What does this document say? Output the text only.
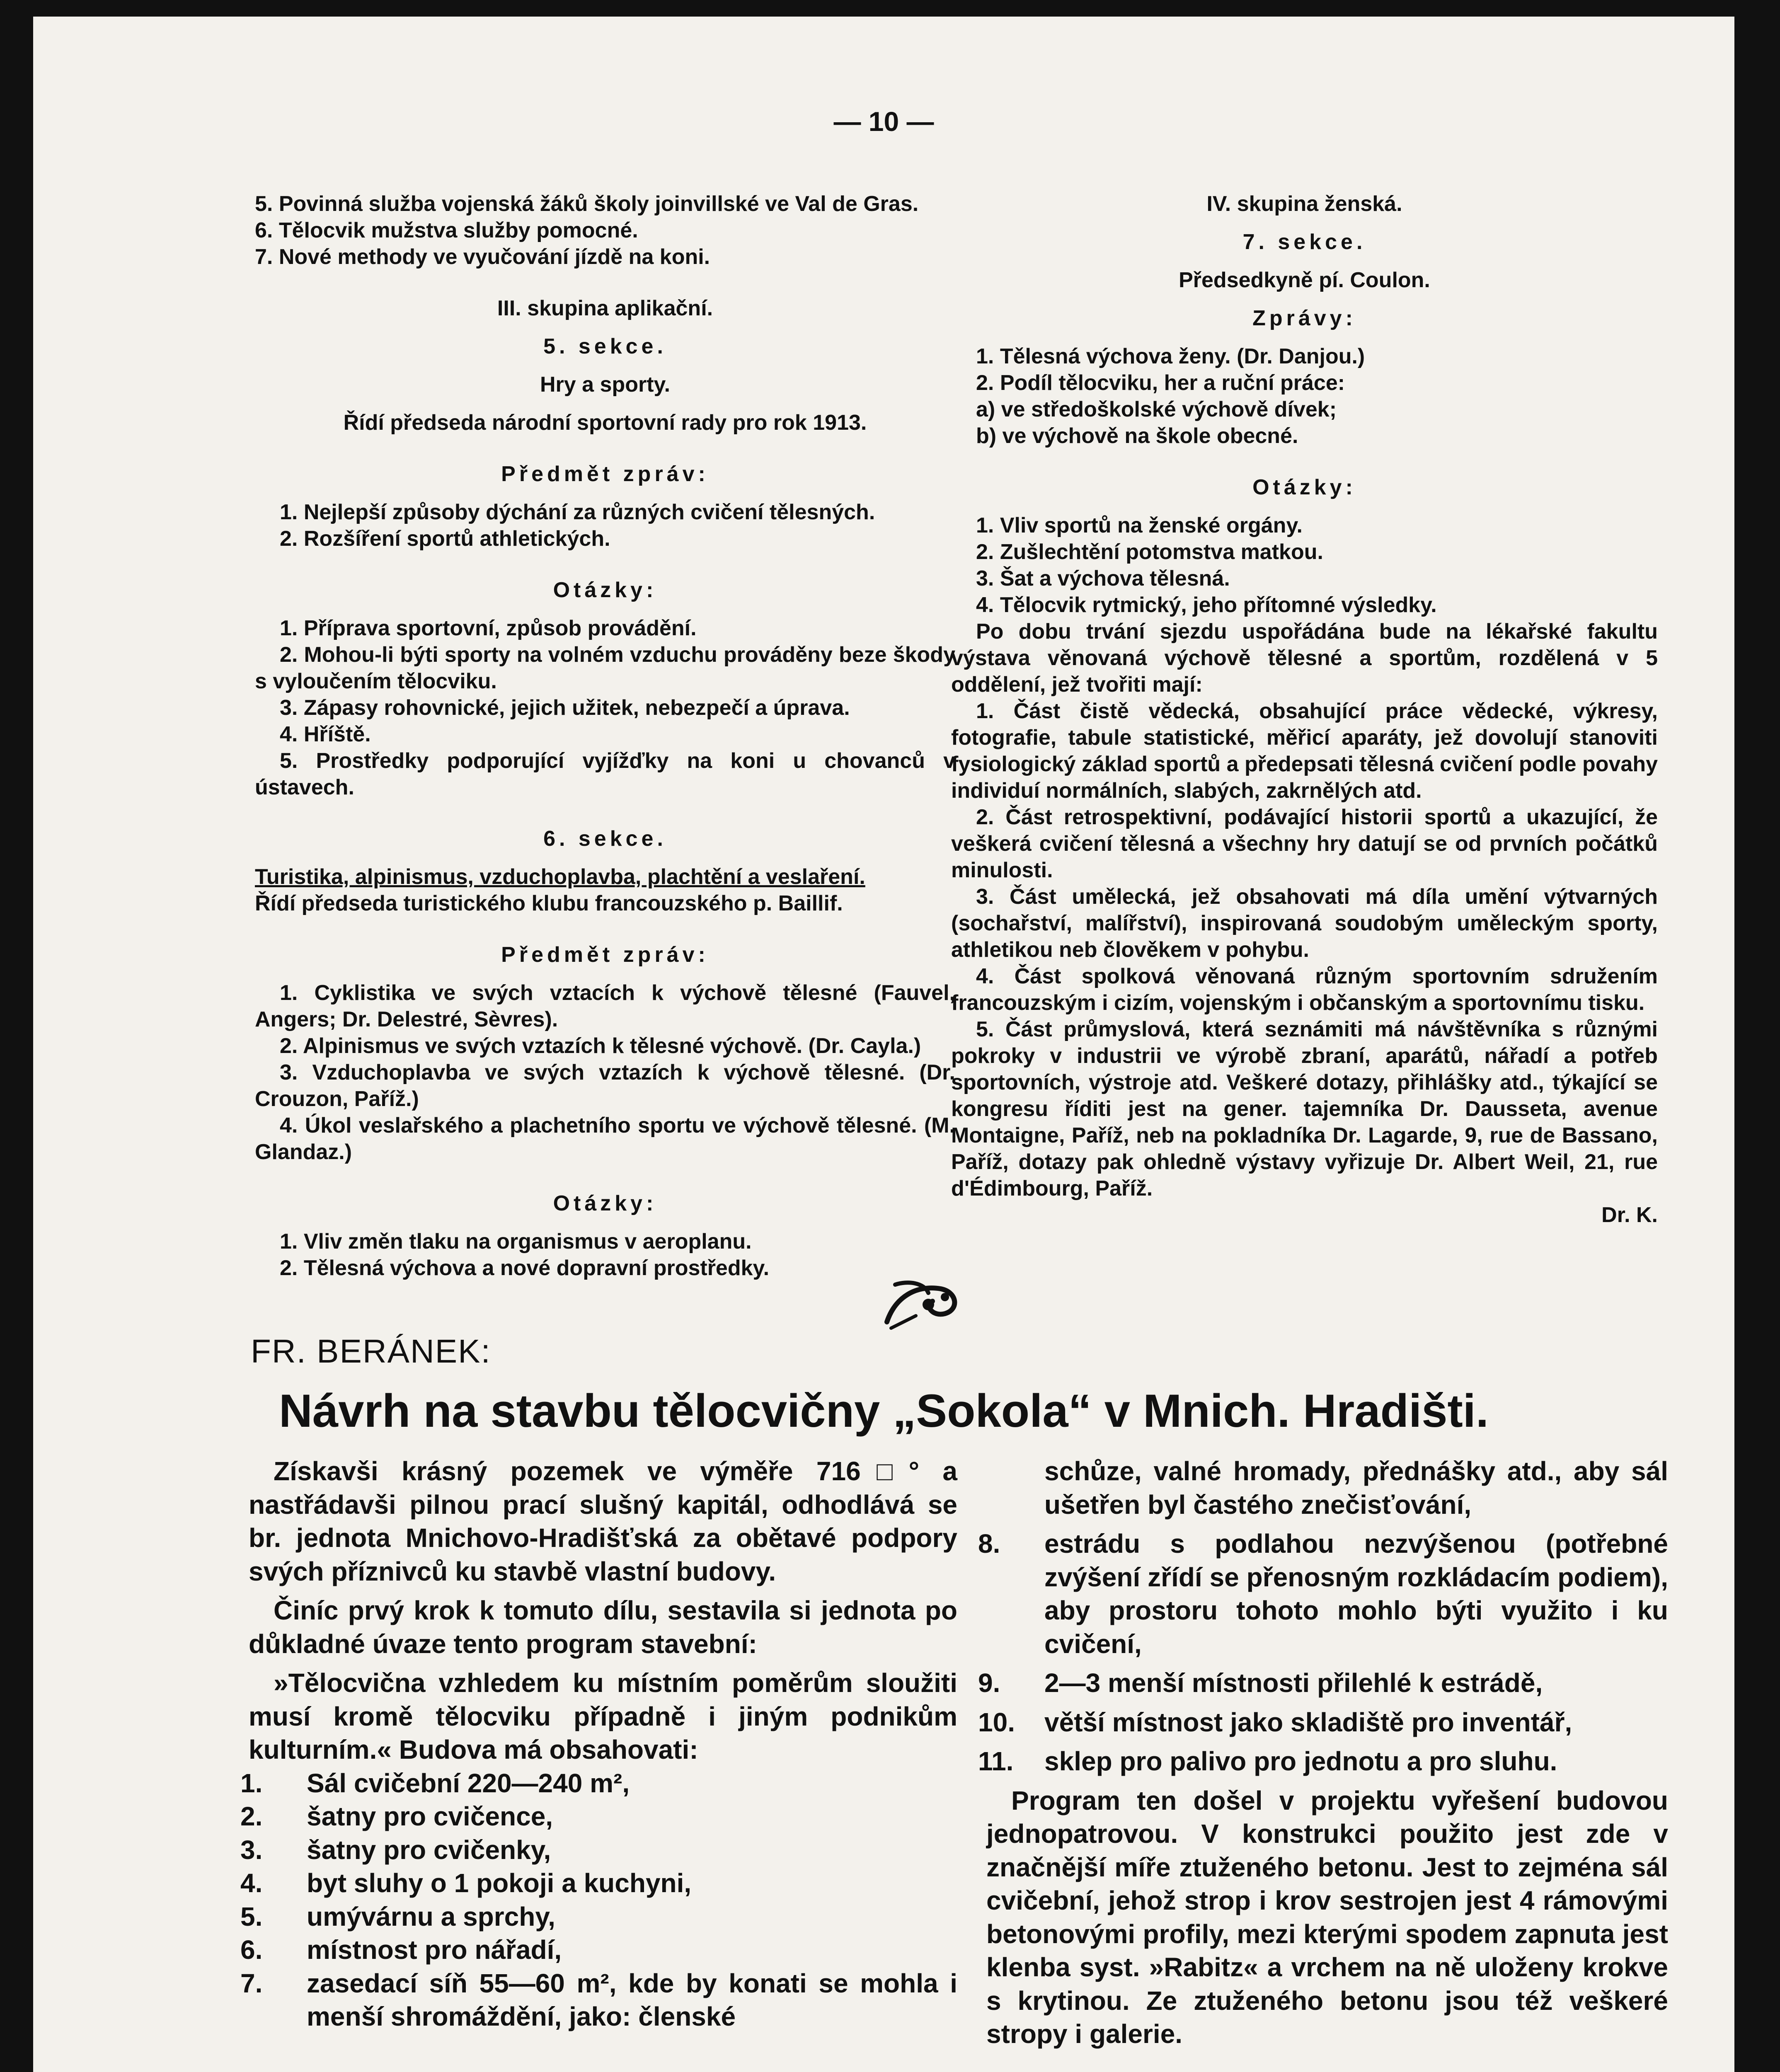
— 10 —

5. Povinná služba vojenská žáků školy joinvillské ve Val de Gras.

6. Tělocvik mužstva služby pomocné.

7. Nové methody ve vyučování jízdě na koni.

III. skupina aplikační.

5. sekce.

Hry a sporty.

Řídí předseda národní sportovní rady pro rok 1913.

Předmět zpráv:

1. Nejlepší způsoby dýchání za různých cvičení tělesných.

2. Rozšíření sportů athletických.

Otázky:

1. Příprava sportovní, způsob provádění.

2. Mohou-li býti sporty na volném vzduchu prováděny beze škody s vyloučením tělocviku.

3. Zápasy rohovnické, jejich užitek, nebezpečí a úprava.

4. Hříště.

5. Prostředky podporující vyjížďky na koni u chovanců v ústavech.

6. sekce.

Turistika, alpinismus, vzduchoplavba, plachtění a veslaření.

Řídí předseda turistického klubu francouzského p. Baillif.

Předmět zpráv:

1. Cyklistika ve svých vztacích k výchově tělesné (Fauvel, Angers; Dr. Delestré, Sèvres).

2. Alpinismus ve svých vztazích k tělesné výchově. (Dr. Cayla.)

3. Vzduchoplavba ve svých vztazích k výchově tělesné. (Dr. Crouzon, Paříž.)

4. Úkol veslařského a plachetního sportu ve výchově tělesné. (M. Glandaz.)

Otázky:

1. Vliv změn tlaku na organismus v aeroplanu.

2. Tělesná výchova a nové dopravní prostředky.

IV. skupina ženská.

7. sekce.

Předsedkyně pí. Coulon.

Zprávy:

1. Tělesná výchova ženy. (Dr. Danjou.)

2. Podíl tělocviku, her a ruční práce:

a) ve středoškolské výchově dívek;

b) ve výchově na škole obecné.

Otázky:

1. Vliv sportů na ženské orgány.

2. Zušlechtění potomstva matkou.

3. Šat a výchova tělesná.

4. Tělocvik rytmický, jeho přítomné výsledky.

Po dobu trvání sjezdu uspořádána bude na lékařské fakultu výstava věnovaná výchově tělesné a sportům, rozdělená v 5 oddělení, jež tvořiti mají:

1. Část čistě vědecká, obsahující práce vědecké, výkresy, fotografie, tabule statistické, měřicí aparáty, jež dovolují stanoviti fysiologický základ sportů a předepsati tělesná cvičení podle povahy individuí normálních, slabých, zakrnělých atd.

2. Část retrospektivní, podávající historii sportů a ukazující, že veškerá cvičení tělesná a všechny hry datují se od prvních počátků minulosti.

3. Část umělecká, jež obsahovati má díla umění výtvarných (sochařství, malířství), inspirovaná soudobým uměleckým sporty, athletikou neb člověkem v pohybu.

4. Část spolková věnovaná různým sportovním sdružením francouzským i cizím, vojenským i občanským a sportovnímu tisku.

5. Část průmyslová, která seznámiti má návštěvníka s různými pokroky v industrii ve výrobě zbraní, aparátů, nářadí a potřeb sportovních, výstroje atd. Veškeré dotazy, přihlášky atd., týkající se kongresu říditi jest na gener. tajemníka Dr. Dausseta, avenue Montaigne, Paříž, neb na pokladníka Dr. Lagarde, 9, rue de Bassano, Paříž, dotazy pak ohledně výstavy vyřizuje Dr. Albert Weil, 21, rue d'Édimbourg, Paříž.

Dr. K.

FR. BERÁNEK:
Návrh na stavbu tělocvičny „Sokola“ v Mnich. Hradišti.

Získavši krásný pozemek ve výměře 716□° a nastřádavši pilnou prací slušný kapitál, odhodlává se br. jednota Mnichovo-Hradišťská za obětavé podpory svých příznivců ku stavbě vlastní budovy.

Činíc prvý krok k tomuto dílu, sestavila si jednota po důkladné úvaze tento program stavební:

»Tělocvična vzhledem ku místním poměrům sloužiti musí kromě tělocviku případně i jiným podnikům kulturním.« Budova má obsahovati:

1. Sál cvičební 220—240 m²,

2. šatny pro cvičence,

3. šatny pro cvičenky,

4. byt sluhy o 1 pokoji a kuchyni,

5. umývárnu a sprchy,

6. místnost pro nářadí,

7. zasedací síň 55—60 m², kde by konati se mohla i menší shromáždění, jako: členské

schůze, valné hromady, přednášky atd., aby sál ušetřen byl častého znečisťování,

8. estrádu s podlahou nezvýšenou (potřebné zvýšení zřídí se přenosným rozkládacím podiem), aby prostoru tohoto mohlo býti využito i ku cvičení,

9. 2—3 menší místnosti přilehlé k estrádě,

10. větší místnost jako skladiště pro inventář,

11. sklep pro palivo pro jednotu a pro sluhu.

Program ten došel v projektu vyřešení budovou jednopatrovou. V konstrukci použito jest zde v značnější míře ztuženého betonu. Jest to zejména sál cvičební, jehož strop i krov sestrojen jest 4 rámovými betonovými profily, mezi kterými spodem zapnuta jest klenba syst. »Rabitz« a vrchem na ně uloženy krokve s krytinou. Ze ztuženého betonu jsou též veškeré stropy i galerie.
